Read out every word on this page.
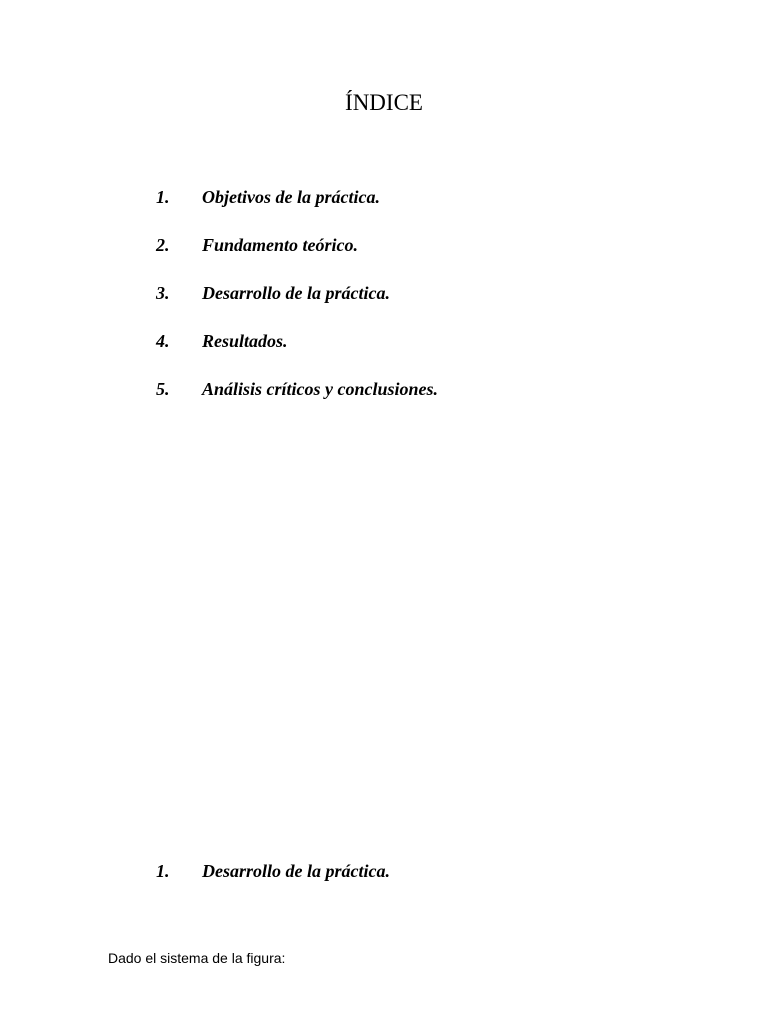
ÍNDICE
1.	Objetivos de la práctica.
2.	Fundamento teórico.
3.	Desarrollo de la práctica.
4.	Resultados.
5.	Análisis críticos y conclusiones.
1.	Desarrollo de la práctica.

Dado el sistema de la figura:
